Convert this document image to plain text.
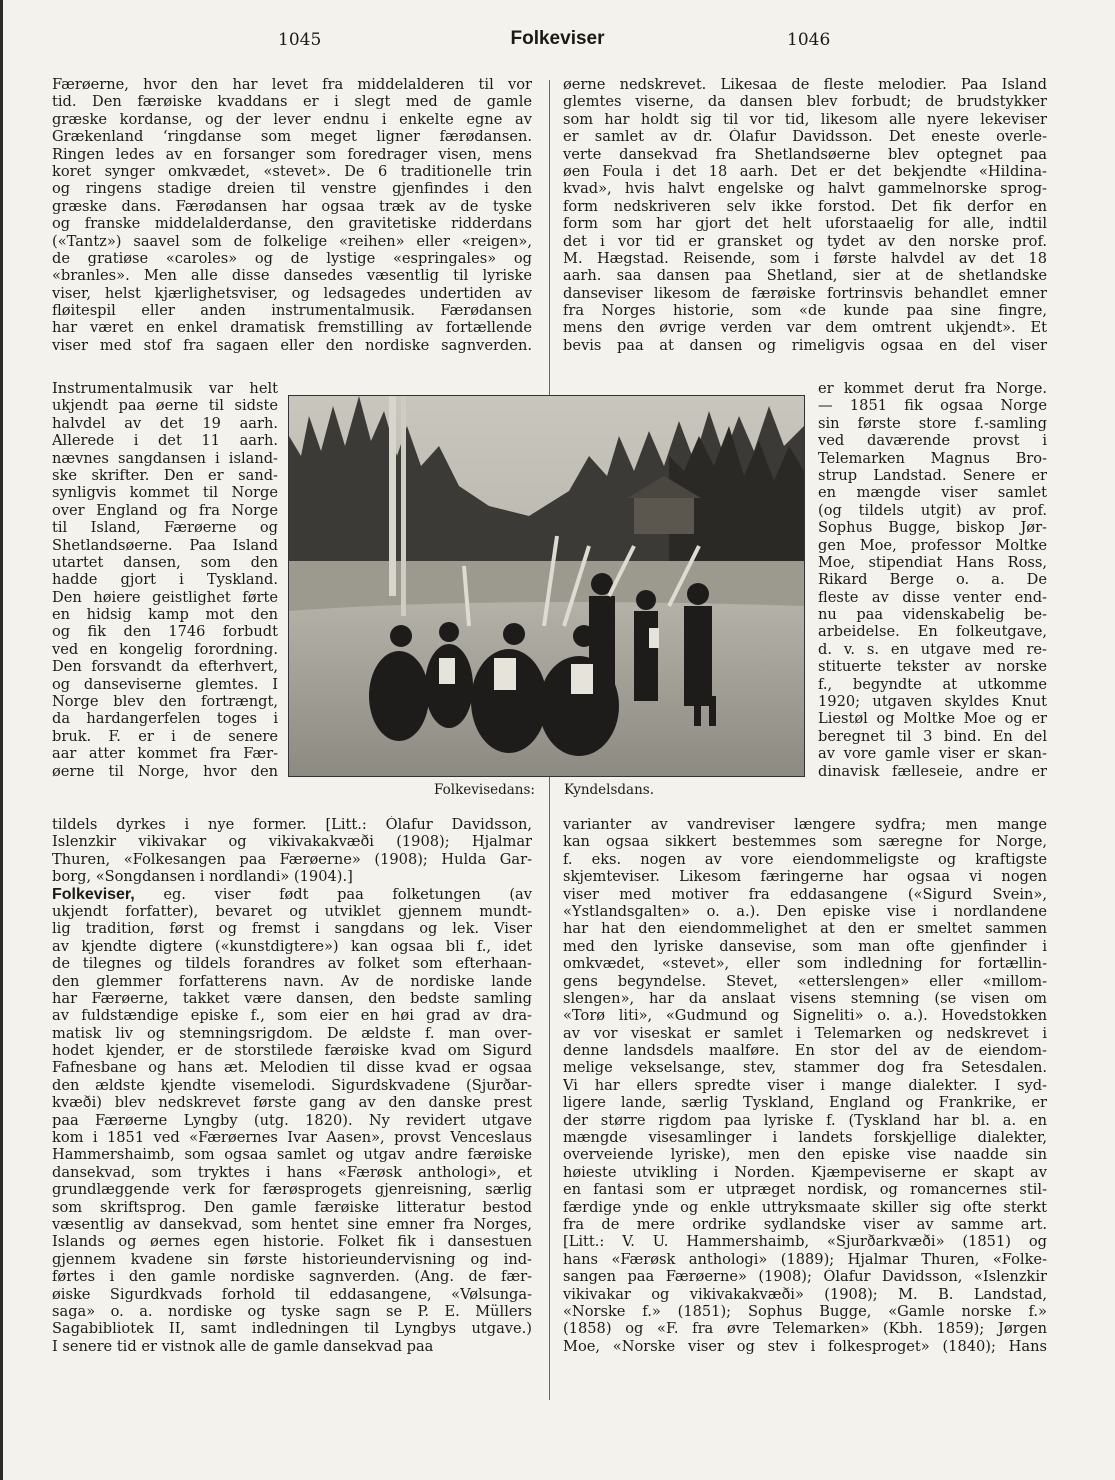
1045	Folkeviser	1046
Færøerne, hvor den har levet fra middelalderen til vor
tid. Den færøiske kvaddans er i slegt med de gamle
græske kordanse, og der lever endnu i enkelte egne av
Grækenland ‘ringdanse som meget ligner færødansen.
Ringen ledes av en forsanger som foredrager visen, mens
koret synger omkvædet, «stevet». De 6 traditionelle trin
og ringens stadige dreien til venstre gjenfindes i den
græske dans. Færødansen har ogsaa træk av de tyske
og franske middelalderdanse, den gravitetiske ridderdans
(«Tantz») saavel som de folkelige «reihen» eller «reigen»,
de gratiøse «caroles» og de lystige «espringales» og
«branles». Men alle disse dansedes væsentlig til lyriske
viser, helst kjærlighetsviser, og ledsagedes undertiden av
fløitespil eller anden instrumentalmusik. Færødansen
har været en enkel dramatisk fremstilling av fortællende
viser med stof fra sagaen eller den nordiske sagnverden.
Instrumentalmusik var helt
ukjendt paa øerne til sidste
halvdel av det 19 aarh.
Allerede i det 11 aarh.
nævnes sangdansen i island-
ske skrifter. Den er sand-
synligvis kommet til Norge
over England og fra Norge
til Island, Færøerne og
Shetlandsøerne. Paa Island
utartet dansen, som den
hadde gjort i Tyskland.
Den høiere geistlighet førte
en hidsig kamp mot den
og fik den 1746 forbudt
ved en kongelig forordning.
Den forsvandt da efterhvert,
og danseviserne glemtes. I
Norge blev den fortrængt,
da hardangerfelen toges i
bruk. F. er i de senere
aar atter kommet fra Fær-
øerne til Norge, hvor den
tildels dyrkes i nye former. [Litt.: Ólafur Davidsson,
Islenzkir vikivakar og vikivakakvæði (1908); Hjalmar
Thuren, «Folkesangen paa Færøerne» (1908); Hulda Gar-
borg, «Songdansen i nordlandi» (1904).]
Folkeviser, eg. viser født paa folketungen (av
ukjendt forfatter), bevaret og utviklet gjennem mundt-
lig tradition, først og fremst i sangdans og lek. Viser
av kjendte digtere («kunstdigtere») kan ogsaa bli f., idet
de tilegnes og tildels forandres av folket som efterhaan-
den glemmer forfatterens navn. Av de nordiske lande
har Færøerne, takket være dansen, den bedste samling
av fuldstændige episke f., som eier en høi grad av dra-
matisk liv og stemningsrigdom. De ældste f. man over-
hodet kjender, er de storstilede færøiske kvad om Sigurd
Fafnesbane og hans æt. Melodien til disse kvad er ogsaa
den ældste kjendte visemelodi. Sigurdskvadene (Sjurðar-
kvæði) blev nedskrevet første gang av den danske prest
paa Færøerne Lyngby (utg. 1820). Ny revidert utgave
kom i 1851 ved «Færøernes Ivar Aasen», provst Venceslaus
Hammershaimb, som ogsaa samlet og utgav andre færøiske
dansekvad, som tryktes i hans «Færøsk anthologi», et
grundlæggende verk for færøsprogets gjenreisning, særlig
som skriftsprog. Den gamle færøiske litteratur bestod
væsentlig av dansekvad, som hentet sine emner fra Norges,
Islands og øernes egen historie. Folket fik i dansestuen
gjennem kvadene sin første historieundervisning og ind-
førtes i den gamle nordiske sagnverden. (Ang. de fær-
øiske Sigurdkvads forhold til eddasangene, «Vølsunga-
saga» o. a. nordiske og tyske sagn se P. E. Müllers
Sagabibliotek II, samt indledningen til Lyngbys utgave.)
I senere tid er vistnok alle de gamle dansekvad paa
øerne nedskrevet. Likesaa de fleste melodier. Paa Island
glemtes viserne, da dansen blev forbudt; de brudstykker
som har holdt sig til vor tid, likesom alle nyere lekeviser
er samlet av dr. Ólafur Davidsson. Det eneste overle-
verte dansekvad fra Shetlandsøerne blev optegnet paa
øen Foula i det 18 aarh. Det er det bekjendte «Hildina-
kvad», hvis halvt engelske og halvt gammelnorske sprog-
form nedskriveren selv ikke forstod. Det fik derfor en
form som har gjort det helt uforstaaelig for alle, indtil
det i vor tid er gransket og tydet av den norske prof.
M. Hægstad. Reisende, som i første halvdel av det 18
aarh. saa dansen paa Shetland, sier at de shetlandske
danseviser likesom de færøiske fortrinsvis behandlet emner
fra Norges historie, som «de kunde paa sine fingre,
mens den øvrige verden var dem omtrent ukjendt». Et
bevis paa at dansen og rimeligvis ogsaa en del viser
er kommet derut fra Norge.
— 1851 fik ogsaa Norge
sin første store f.-samling
ved daværende provst i
Telemarken Magnus Bro-
strup Landstad. Senere er
en mængde viser samlet
(og tildels utgit) av prof.
Sophus Bugge, biskop Jør-
gen Moe, professor Moltke
Moe, stipendiat Hans Ross,
Rikard Berge o. a. De
fleste av disse venter end-
nu paa videnskabelig be-
arbeidelse. En folkeutgave,
d. v. s. en utgave med re-
stituerte tekster av norske
f., begyndte at utkomme
1920; utgaven skyldes Knut
Liestøl og Moltke Moe og er
beregnet til 3 bind. En del
av vore gamle viser er skan-
dinavisk fælleseie, andre er
varianter av vandreviser længere sydfra; men mange
kan ogsaa sikkert bestemmes som særegne for Norge,
f. eks. nogen av vore eiendommeligste og kraftigste
skjemteviser. Likesom færingerne har ogsaa vi nogen
viser med motiver fra eddasangene («Sigurd Svein»,
«Ystlandsgalten» o. a.). Den episke vise i nordlandene
har hat den eiendommelighet at den er smeltet sammen
med den lyriske dansevise, som man ofte gjenfinder i
omkvædet, «stevet», eller som indledning for fortællin-
gens begyndelse. Stevet, «etterslengen» eller «millom-
slengen», har da anslaat visens stemning (se visen om
«Torø liti», «Gudmund og Signeliti» o. a.). Hovedstokken
av vor viseskat er samlet i Telemarken og nedskrevet i
denne landsdels maalføre. En stor del av de eiendom-
melige vekselsange, stev, stammer dog fra Setesdalen.
Vi har ellers spredte viser i mange dialekter. I syd-
ligere lande, særlig Tyskland, England og Frankrike, er
der større rigdom paa lyriske f. (Tyskland har bl. a. en
mængde visesamlinger i landets forskjellige dialekter,
overveiende lyriske), men den episke vise naadde sin
høieste utvikling i Norden. Kjæmpeviserne er skapt av
en fantasi som er utpræget nordisk, og romancernes stil-
færdige ynde og enkle uttryksmaate skiller sig ofte sterkt
fra de mere ordrike sydlandske viser av samme art.
[Litt.: V. U. Hammershaimb, «Sjurðarkvæði» (1851) og
hans «Færøsk anthologi» (1889); Hjalmar Thuren, «Folke-
sangen paa Færøerne» (1908); Ólafur Davidsson, «Islenzkir
vikivakar og vikivakakvæði» (1908); M. B. Landstad,
«Norske f.» (1851); Sophus Bugge, «Gamle norske f.»
(1858) og «F. fra øvre Telemarken» (Kbh. 1859); Jørgen
Moe, «Norske viser og stev i folkesproget» (1840); Hans
Folkevisedans: Kyndelsdans.
